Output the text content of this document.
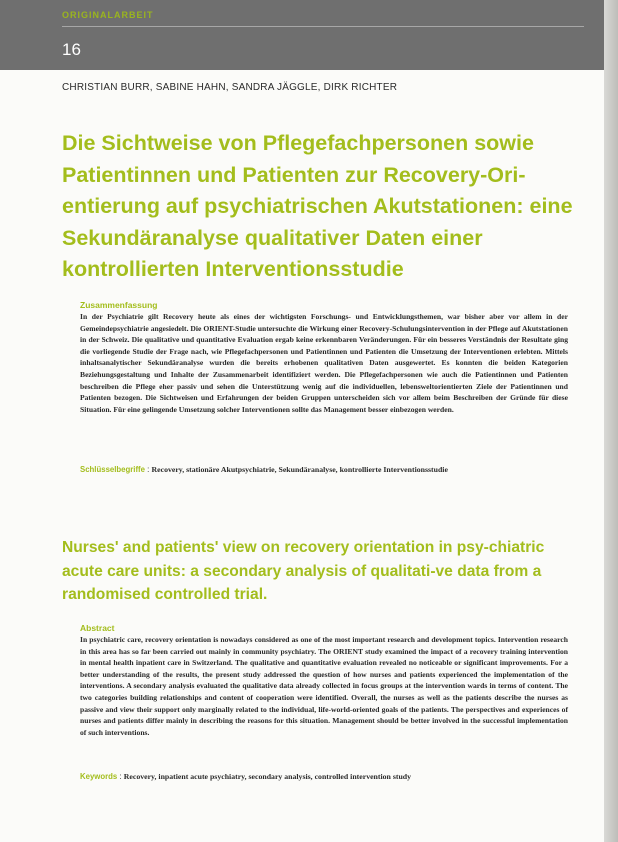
ORIGINALARBEIT
16
CHRISTIAN BURR, SABINE HAHN, SANDRA JÄGGLE, DIRK RICHTER
Die Sichtweise von Pflegefachpersonen sowie Patientinnen und Patienten zur Recovery-Ori-entierung auf psychiatrischen Akutstationen: eine Sekundäranalyse qualitativer Daten einer kontrollierten Interventionsstudie

Zusammenfassung

In der Psychiatrie gilt Recovery heute als eines der wichtigsten Forschungs- und Entwicklungsthemen, war bisher aber vor allem in der Gemeindepsychiatrie angesiedelt. Die ORIENT-Studie untersuchte die Wirkung einer Recovery-Schulungsintervention in der Pflege auf Akutstationen in der Schweiz. Die qualitative und quantitative Evaluation ergab keine erkennbaren Veränderungen. Für ein besseres Verständnis der Resultate ging die vorliegende Studie der Frage nach, wie Pflegefachpersonen und Patientinnen und Patienten die Umsetzung der Interventionen erlebten. Mittels inhaltsanalytischer Sekundäranalyse wurden die bereits erhobenen qualitativen Daten ausgewertet. Es konnten die beiden Kategorien Beziehungsgestaltung und Inhalte der Zusammenarbeit identifiziert werden. Die Pflegefachpersonen wie auch die Patientinnen und Patienten beschreiben die Pflege eher passiv und sehen die Unterstützung wenig auf die individuellen, lebensweltorientierten Ziele der Patientinnen und Patienten bezogen. Die Sichtweisen und Erfahrungen der beiden Gruppen unterscheiden sich vor allem beim Beschreiben der Gründe für diese Situation. Für eine gelingende Umsetzung solcher Interventionen sollte das Management besser einbezogen werden.

Schlüsselbegriffe : Recovery, stationäre Akutpsychiatrie, Sekundäranalyse, kontrollierte Interventionsstudie
Nurses' and patients' view on recovery orientation in psy-chiatric acute care units: a secondary analysis of qualitati-ve data from a randomised controlled trial.

Abstract

In psychiatric care, recovery orientation is nowadays considered as one of the most important research and development topics. Intervention research in this area has so far been carried out mainly in community psychiatry. The ORIENT study examined the impact of a recovery training intervention in mental health inpatient care in Switzerland. The qualitative and quantitative evaluation revealed no noticeable or significant improvements. For a better understanding of the results, the present study addressed the question of how nurses and patients experienced the implementation of the interventions. A secondary analysis evaluated the qualitative data already collected in focus groups at the intervention wards in terms of content. The two categories building relationships and content of cooperation were identified. Overall, the nurses as well as the patients describe the nurses as passive and view their support only marginally related to the individual, life-world-oriented goals of the patients. The perspectives and experiences of nurses and patients differ mainly in describing the reasons for this situation. Management should be better involved in the successful implementation of such interventions.

Keywords : Recovery, inpatient acute psychiatry, secondary analysis, controlled intervention study
